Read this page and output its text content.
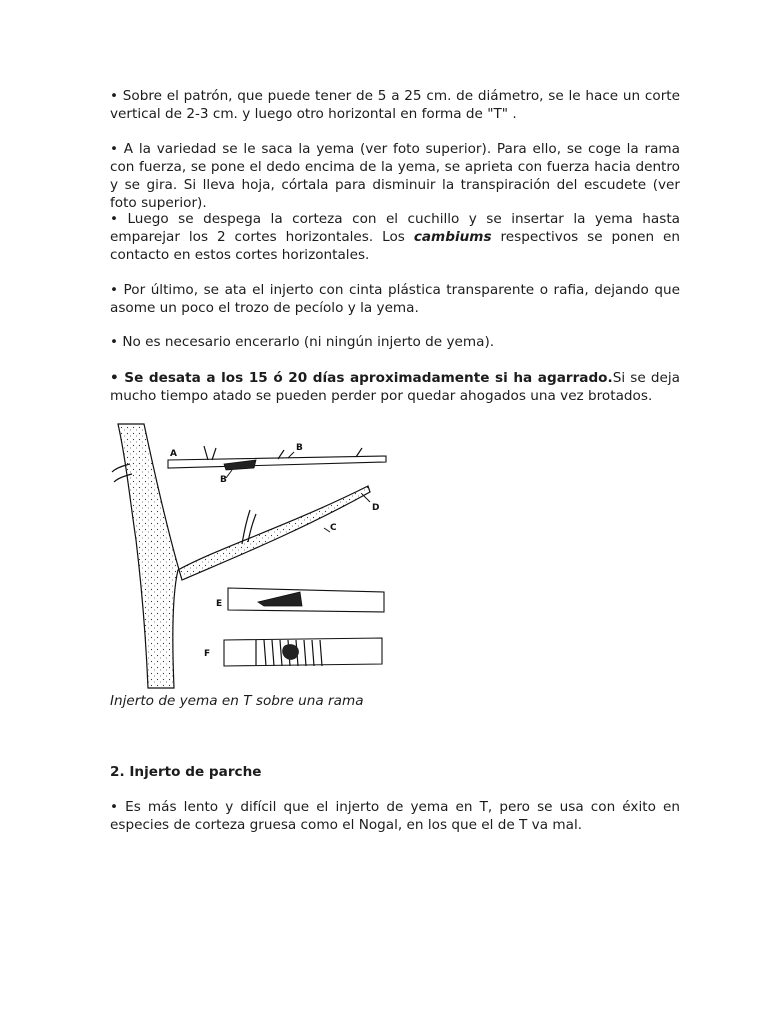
• Sobre el patrón, que puede tener de 5 a 25 cm. de diámetro, se le hace un corte vertical de 2-3 cm. y luego otro horizontal en forma de "T" .

• A la variedad se le saca la yema (ver foto superior). Para ello, se coge la rama con fuerza, se pone el dedo encima de la yema, se aprieta con fuerza hacia dentro y se gira. Si lleva hoja, córtala para disminuir la transpiración del escudete (ver foto superior).

• Luego se despega la corteza con el cuchillo y se insertar la yema hasta emparejar los 2 cortes horizontales. Los cambiums respectivos se ponen en contacto en estos cortes horizontales.

• Por último, se ata el injerto con cinta plástica transparente o rafia, dejando que asome un poco el trozo de pecíolo y la yema.

• No es necesario encerarlo (ni ningún injerto de yema).

• Se desata a los 15 ó 20 días aproximadamente si ha agarrado.Si se deja mucho tiempo atado se pueden perder por quedar ahogados una vez brotados.

A
B
B
C
D
E
F

Injerto de yema en T sobre una rama

2. Injerto de parche

• Es más lento y difícil que el injerto de yema en T, pero se usa con éxito en especies de corteza gruesa como el Nogal, en los que el de T va mal.
